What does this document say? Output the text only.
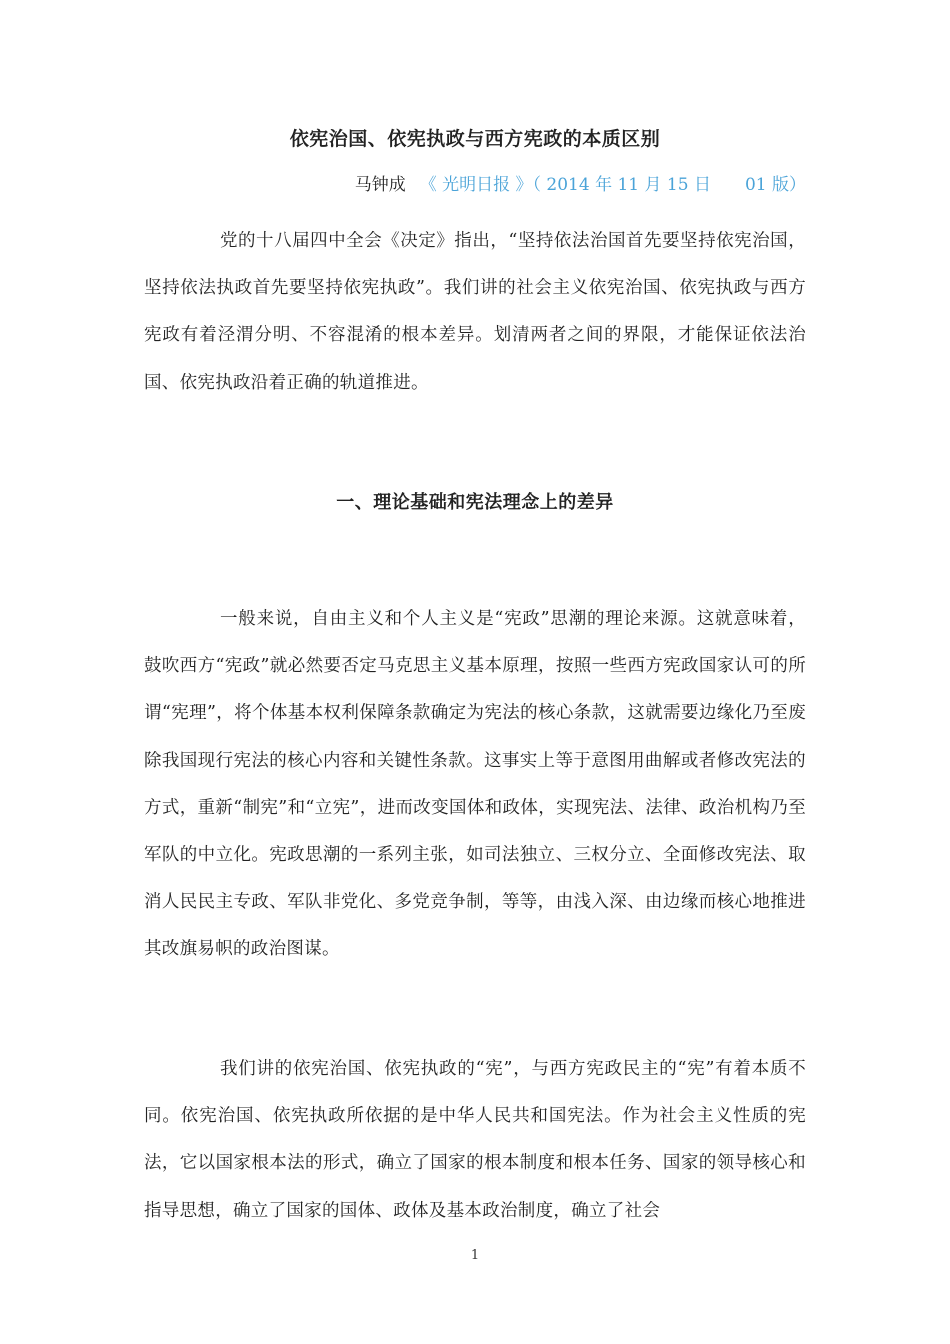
依宪治国、依宪执政与西方宪政的本质区别
马钟成 《 光明日报 》（ 2014 年 11 月 15 日　　01 版）

党的十八届四中全会《决定》指出，“坚持依法治国首先要坚持依宪治国，坚持依法执政首先要坚持依宪执政”。我们讲的社会主义依宪治国、依宪执政与西方宪政有着泾渭分明、不容混淆的根本差异。划清两者之间的界限，才能保证依法治国、依宪执政沿着正确的轨道推进。

一、理论基础和宪法理念上的差异

一般来说，自由主义和个人主义是“宪政”思潮的理论来源。这就意味着，鼓吹西方“宪政”就必然要否定马克思主义基本原理，按照一些西方宪政国家认可的所谓“宪理”，将个体基本权利保障条款确定为宪法的核心条款，这就需要边缘化乃至废除我国现行宪法的核心内容和关键性条款。这事实上等于意图用曲解或者修改宪法的方式，重新“制宪”和“立宪”，进而改变国体和政体，实现宪法、法律、政治机构乃至军队的中立化。宪政思潮的一系列主张，如司法独立、三权分立、全面修改宪法、取消人民民主专政、军队非党化、多党竞争制，等等，由浅入深、由边缘而核心地推进其改旗易帜的政治图谋。

我们讲的依宪治国、依宪执政的“宪”，与西方宪政民主的“宪”有着本质不同。依宪治国、依宪执政所依据的是中华人民共和国宪法。作为社会主义性质的宪法，它以国家根本法的形式，确立了国家的根本制度和根本任务、国家的领导核心和指导思想，确立了国家的国体、政体及基本政治制度，确立了社会

1
